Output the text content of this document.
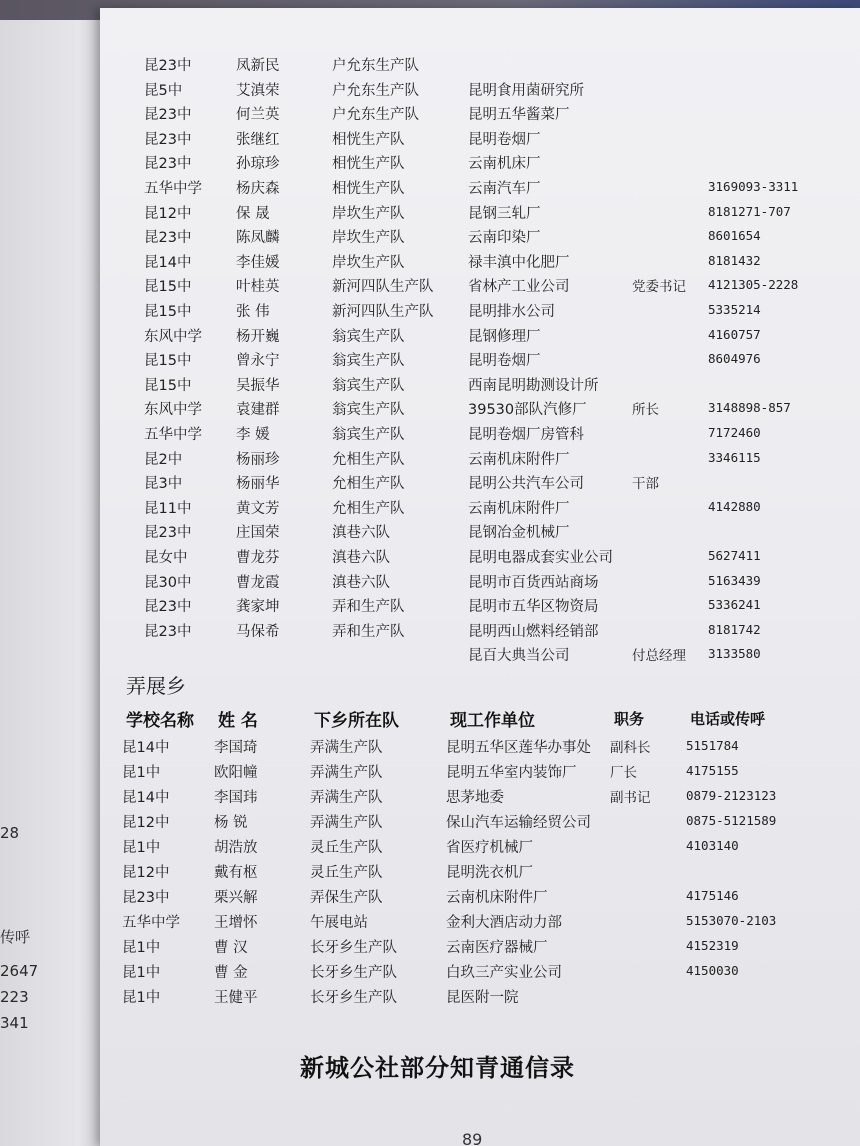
28
传呼
2647
223
341
昆23中	凤新民	户允东生产队
昆5中	艾滇荣	户允东生产队	昆明食用菌研究所
昆23中	何兰英	户允东生产队	昆明五华酱菜厂
昆23中	张继红	相恍生产队	昆明卷烟厂
昆23中	孙琼珍	相恍生产队	云南机床厂
五华中学 杨庆森	相恍生产队	云南汽车厂	3169093-3311
昆12中	保 晟	岸坎生产队	昆钢三轧厂	8181271-707
昆23中	陈凤麟	岸坎生产队	云南印染厂	8601654
昆14中	李佳媛	岸坎生产队	禄丰滇中化肥厂	8181432
昆15中	叶桂英	新河四队生产队 省林产工业公司	党委书记 4121305-2228
昆15中	张 伟	新河四队生产队 昆明排水公司	5335214
东风中学 杨开巍	翁宾生产队	昆钢修理厂	4160757
昆15中	曾永宁	翁宾生产队	昆明卷烟厂	8604976
昆15中	吴振华	翁宾生产队	西南昆明勘测设计所
东风中学 袁建群	翁宾生产队	39530部队汽修厂	所长	3148898-857
五华中学 李 媛	翁宾生产队	昆明卷烟厂房管科	7172460
昆2中	杨丽珍	允相生产队	云南机床附件厂	3346115
昆3中	杨丽华	允相生产队	昆明公共汽车公司	干部
昆11中	黄文芳	允相生产队	云南机床附件厂	4142880
昆23中	庄国荣	滇巷六队	昆钢冶金机械厂
昆女中	曹龙芬	滇巷六队	昆明电器成套实业公司	5627411
昆30中	曹龙霞	滇巷六队	昆明市百货西站商场	5163439
昆23中	龚家坤	弄和生产队	昆明市五华区物资局	5336241
昆23中	马保希	弄和生产队	昆明西山燃料经销部	8181742
昆百大典当公司	付总经理 3133580
弄展乡
学校名称 姓 名	下乡所在队	现工作单位	职务	电话或传呼
昆14中	李国琦	弄满生产队	昆明五华区莲华办事处 副科长	5151784
昆1中	欧阳幢	弄满生产队	昆明五华室内装饰厂 厂长	4175155
昆14中	李国玮	弄满生产队	思茅地委	副书记	0879-2123123
昆12中	杨 锐	弄满生产队	保山汽车运输经贸公司	0875-5121589
昆1中	胡浩放	灵丘生产队	省医疗机械厂	4103140
昆12中	戴有枢	灵丘生产队	昆明洗衣机厂
昆23中	栗兴解	弄保生产队	云南机床附件厂	4175146
五华中学 王增怀	午展电站	金利大酒店动力部	5153070-2103
昆1中	曹 汉	长牙乡生产队	云南医疗器械厂	4152319
昆1中	曹 金	长牙乡生产队	白玖三产实业公司	4150030
昆1中	王健平	长牙乡生产队	昆医附一院
新城公社部分知青通信录
89
